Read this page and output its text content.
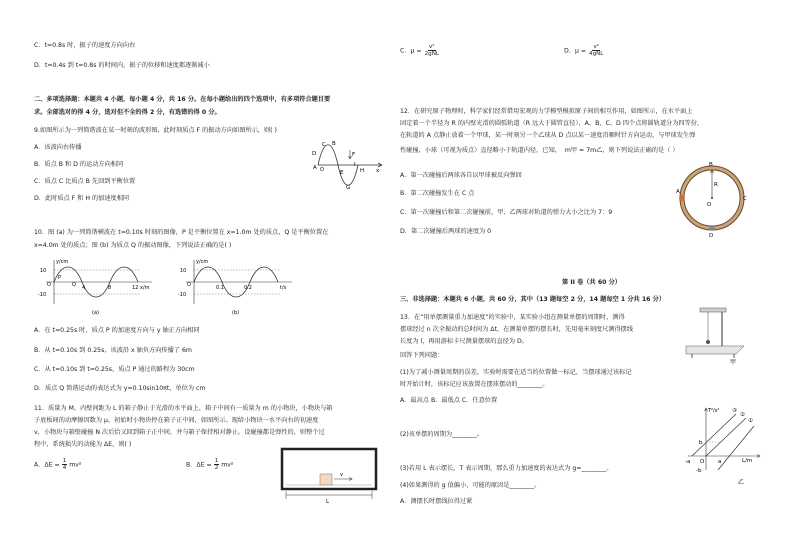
C．t=0.8s 时，振子的速度方向向右
D．t=0.4s 到 t=0.8s 的时间内，振子的位移和速度都逐渐减小
二、多项选择题：本题共 4 小题，每小题 4 分，共 16 分。在每小题给出的四个选项中，有多项符合题目要
求。全部选对的得 4 分，选对但不全的得 2 分，有选错的得 0 分。
9.如图所示为一列简谐波在某一时刻的波形图，此时刻质点 F 的振动方向如图所示，则( )
A．该波向右传播
B．质点 B 和 D 的运动方向相同
C．质点 C 比质点 B 先回到平衡位置
D．此时质点 F 和 H 的加速度相同
C B
D
A O	H x
F
E
I
G
10．图 (a) 为一列简谐横波在 t=0.10s 时刻的图像，P 是平衡位置在 x=1.0m 处的质点，Q 是平衡位置在
x=4.0m 处的质点；图 (b) 为质点 Q 的振动图像，下列说法正确的是( )
y/cm
x/m
10
O
-10
4	8	12
P
Q
(a)
y/cm
t/s
10
O
-10
0.1	0.2
(b)
A．在 t=0.25s 时，质点 P 的加速度方向与 y 轴正方向相同
B．从 t=0.10s 到 0.25s，该波沿 x 轴负方向传播了 6m
C．从 t=0.10s 到 t=0.25s，质点 P 通过的路程为 30cm
D．质点 Q 简谐运动的表达式为 y=0.10sin10πt，单位为 cm
11．质量为 M、内壁间距为 L 的箱子静止于光滑的水平面上，箱子中间有一质量为 m 的小物块，小物块与箱
子底板间的动摩擦因数为 μ，初始时小物块停在箱子正中间，如图所示。现给小物块一水平向右的初速度
v，小物块与箱壁碰撞 N 次后恰又回到箱子正中间，并与箱子保持相对静止。设碰撞都是弹性的，则整个过
程中，系统损失的动能为 ΔE，则( )
A．$\Delta E = \frac{1}{4} mv^2$	B．$\Delta E = \frac{1}{2} mv^2$
v
L
C．$\mu = \frac{\text{v²}}{\text{2gNL}}$	D．$\mu = \frac{\text{v²}}{\text{4gNL}}$
12．在研究原子物理时，科学家们经常借用宏观的力学模型模拟原子间的相互作用，如图所示，在水平面上
固定着一个半径为 R 的内壁光滑的圆弧轨道（R 远大于圆管直径），A、B、C、D 四个点将圆轨道分为四等份，
在轨道的 A 点静止放着一个甲球，某一时刻另一个乙球从 D 点以某一速度沿顺时针方向运动，与甲球发生弹
性碰撞，小球（可视为质点）直径略小于轨道内径，已知， m甲 = 7m乙，则下列说法正确的是（ ）
A．第一次碰撞后两球各自以甲球被反向弹回
B．第二次碰撞发生在 C 点
C．第一次碰撞后和第二次碰撞前，甲、乙两球对轨道的弹力大小之比为 7：9
D．第二次碰撞后两球的速度为 0
B
R
A
C
O
D
第 II 卷（共 60 分）
三、非选择题：本题共 6 小题，共 60 分，其中（13 题每空 2 分，14 题每空 1 分共 16 分）
13．在“用单摆测量重力加速度”的实验中，某实验小组在测量单摆的周期时，测得
摆球经过 n 次全振动的总时间为 Δt，在测量单摆的摆长时，先用毫米刻度尺测得摆线
长度为 l，再用游标卡尺测量摆球的直径为 D。
甲
回答下列问题：
(1)为了减小测量周期的误差，实验时需要在适当的位置做一标记，当摆球通过该标记
时开始计时，该标记应该放置在摆球摆动的________。
A．最高点 B．最低点 C．任意位置
(2)该单摆的周期为________。
(3)若用 L 表示摆长，T 表示周期，那么重力加速度的表达式为 g=________。
(4)如果测得的 g 值偏小，可能的原因是________。
A．测摆长时摆线拉得过紧
T²/s²
L/m
③
②
①
b
-a O a
-b
乙
